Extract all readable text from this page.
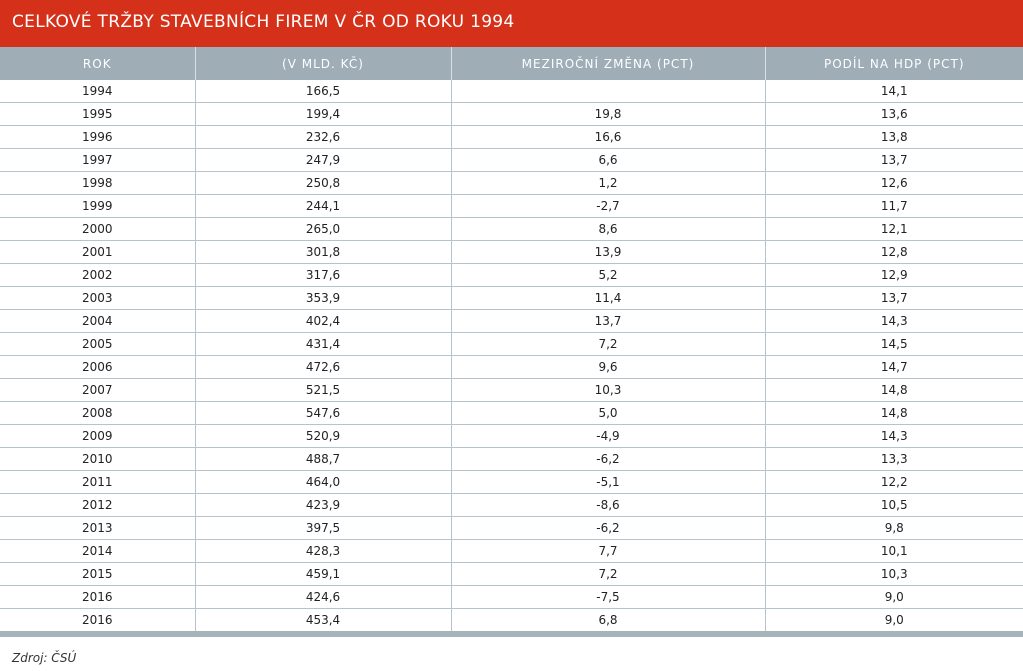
CELKOVÉ TRŽBY STAVEBNÍCH FIREM V ČR OD ROKU 1994
ROK	(V MLD. KČ)	MEZIROČNÍ ZMĚNA (PCT)	PODÍL NA HDP (PCT)
1994	166,5		14,1
1995	199,4	19,8	13,6
1996	232,6	16,6	13,8
1997	247,9	6,6	13,7
1998	250,8	1,2	12,6
1999	244,1	-2,7	11,7
2000	265,0	8,6	12,1
2001	301,8	13,9	12,8
2002	317,6	5,2	12,9
2003	353,9	11,4	13,7
2004	402,4	13,7	14,3
2005	431,4	7,2	14,5
2006	472,6	9,6	14,7
2007	521,5	10,3	14,8
2008	547,6	5,0	14,8
2009	520,9	-4,9	14,3
2010	488,7	-6,2	13,3
2011	464,0	-5,1	12,2
2012	423,9	-8,6	10,5
2013	397,5	-6,2	9,8
2014	428,3	7,7	10,1
2015	459,1	7,2	10,3
2016	424,6	-7,5	9,0
2016	453,4	6,8	9,0
Zdroj: ČSÚ
